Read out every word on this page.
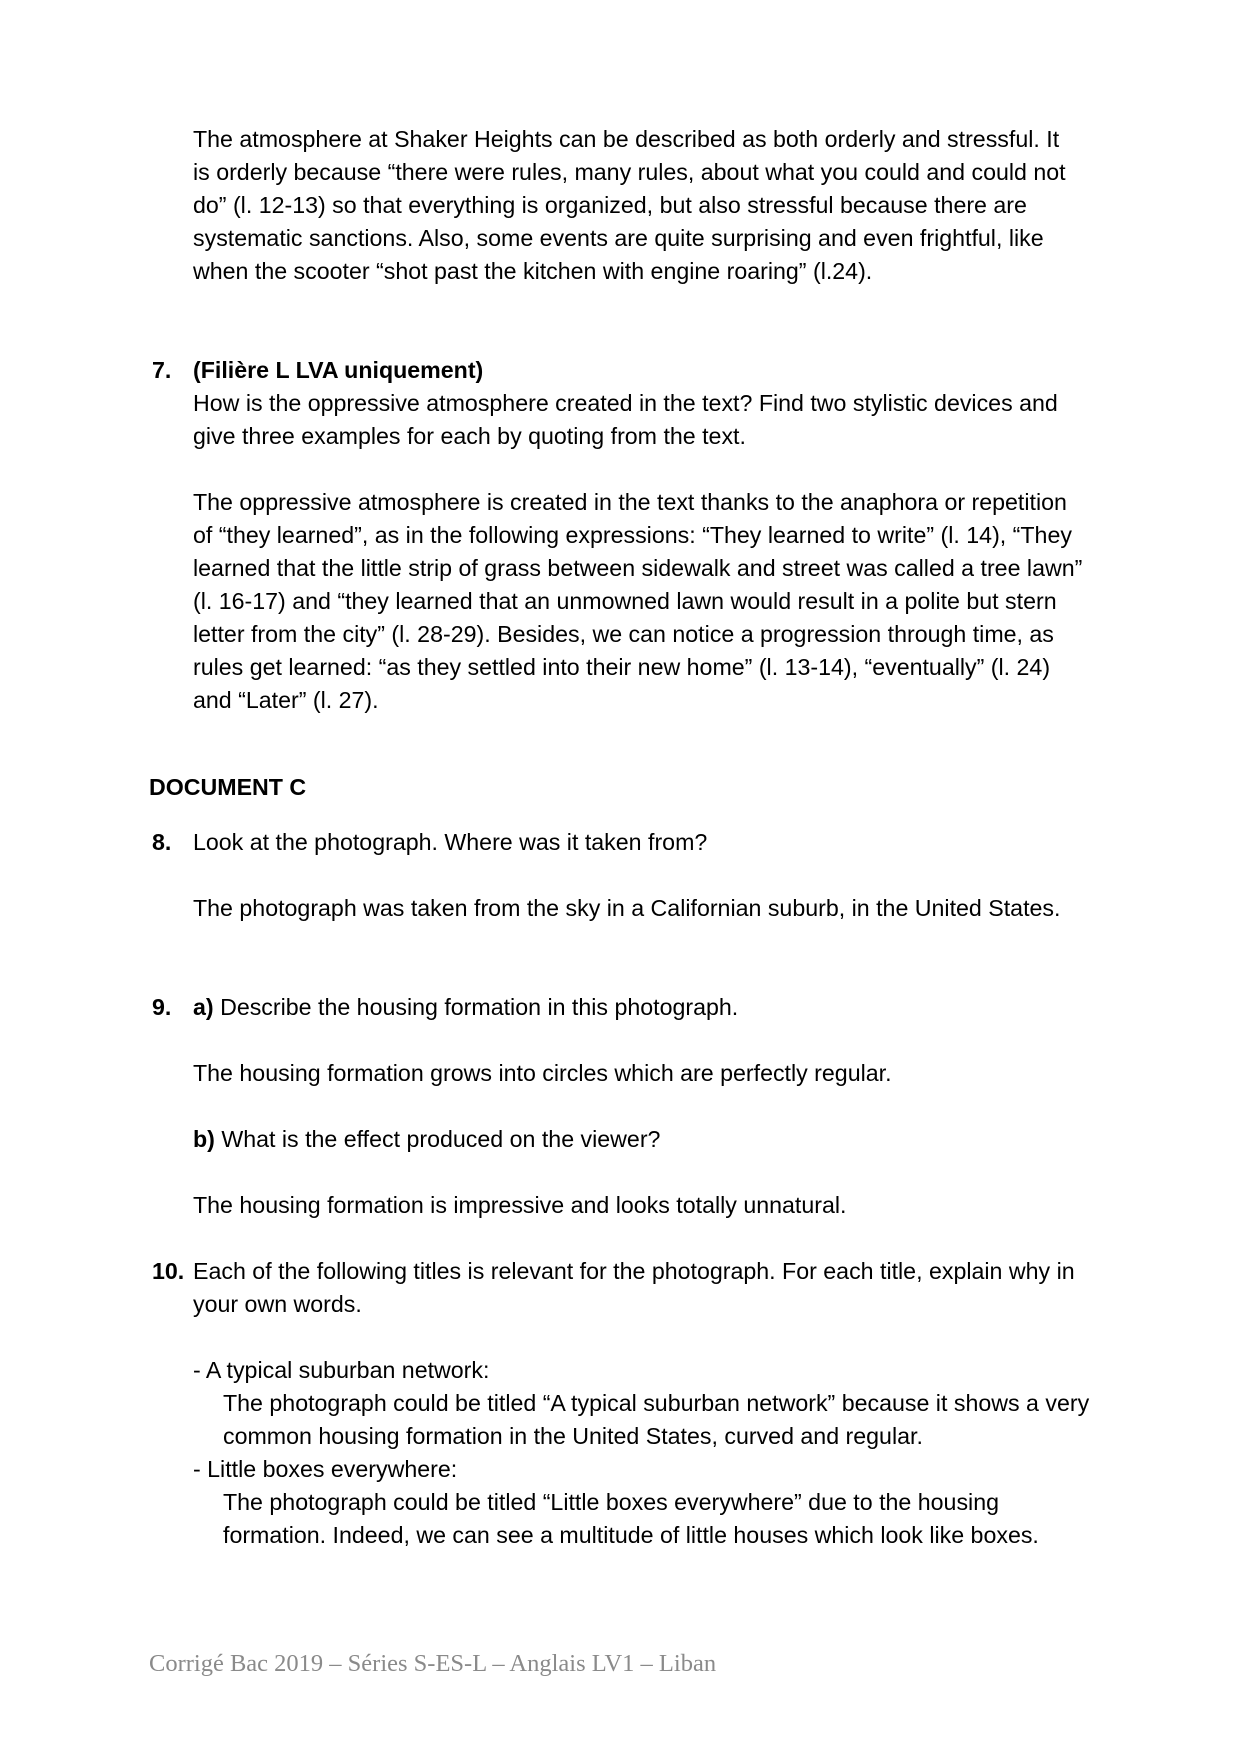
The atmosphere at Shaker Heights can be described as both orderly and stressful. It is orderly because “there were rules, many rules, about what you could and could not do” (l. 12-13) so that everything is organized, but also stressful because there are systematic sanctions. Also, some events are quite surprising and even frightful, like when the scooter “shot past the kitchen with engine roaring” (l.24).

7. (Filière L LVA uniquement)

How is the oppressive atmosphere created in the text? Find two stylistic devices and give three examples for each by quoting from the text.

The oppressive atmosphere is created in the text thanks to the anaphora or repetition of “they learned”, as in the following expressions: “They learned to write” (l. 14), “They learned that the little strip of grass between sidewalk and street was called a tree lawn” (l. 16-17) and “they learned that an unmowned lawn would result in a polite but stern letter from the city” (l. 28-29). Besides, we can notice a progression through time, as rules get learned: “as they settled into their new home” (l. 13-14), “eventually” (l. 24) and “Later” (l. 27).

DOCUMENT C
8. Look at the photograph. Where was it taken from?

The photograph was taken from the sky in a Californian suburb, in the United States.

9. a) Describe the housing formation in this photograph.

The housing formation grows into circles which are perfectly regular.

b) What is the effect produced on the viewer?

The housing formation is impressive and looks totally unnatural.

10. Each of the following titles is relevant for the photograph. For each title, explain why in your own words.

- A typical suburban network:

The photograph could be titled “A typical suburban network” because it shows a very common housing formation in the United States, curved and regular.

- Little boxes everywhere:

The photograph could be titled “Little boxes everywhere” due to the housing formation. Indeed, we can see a multitude of little houses which look like boxes.

Corrigé Bac 2019 – Séries S-ES-L – Anglais LV1 – Liban
